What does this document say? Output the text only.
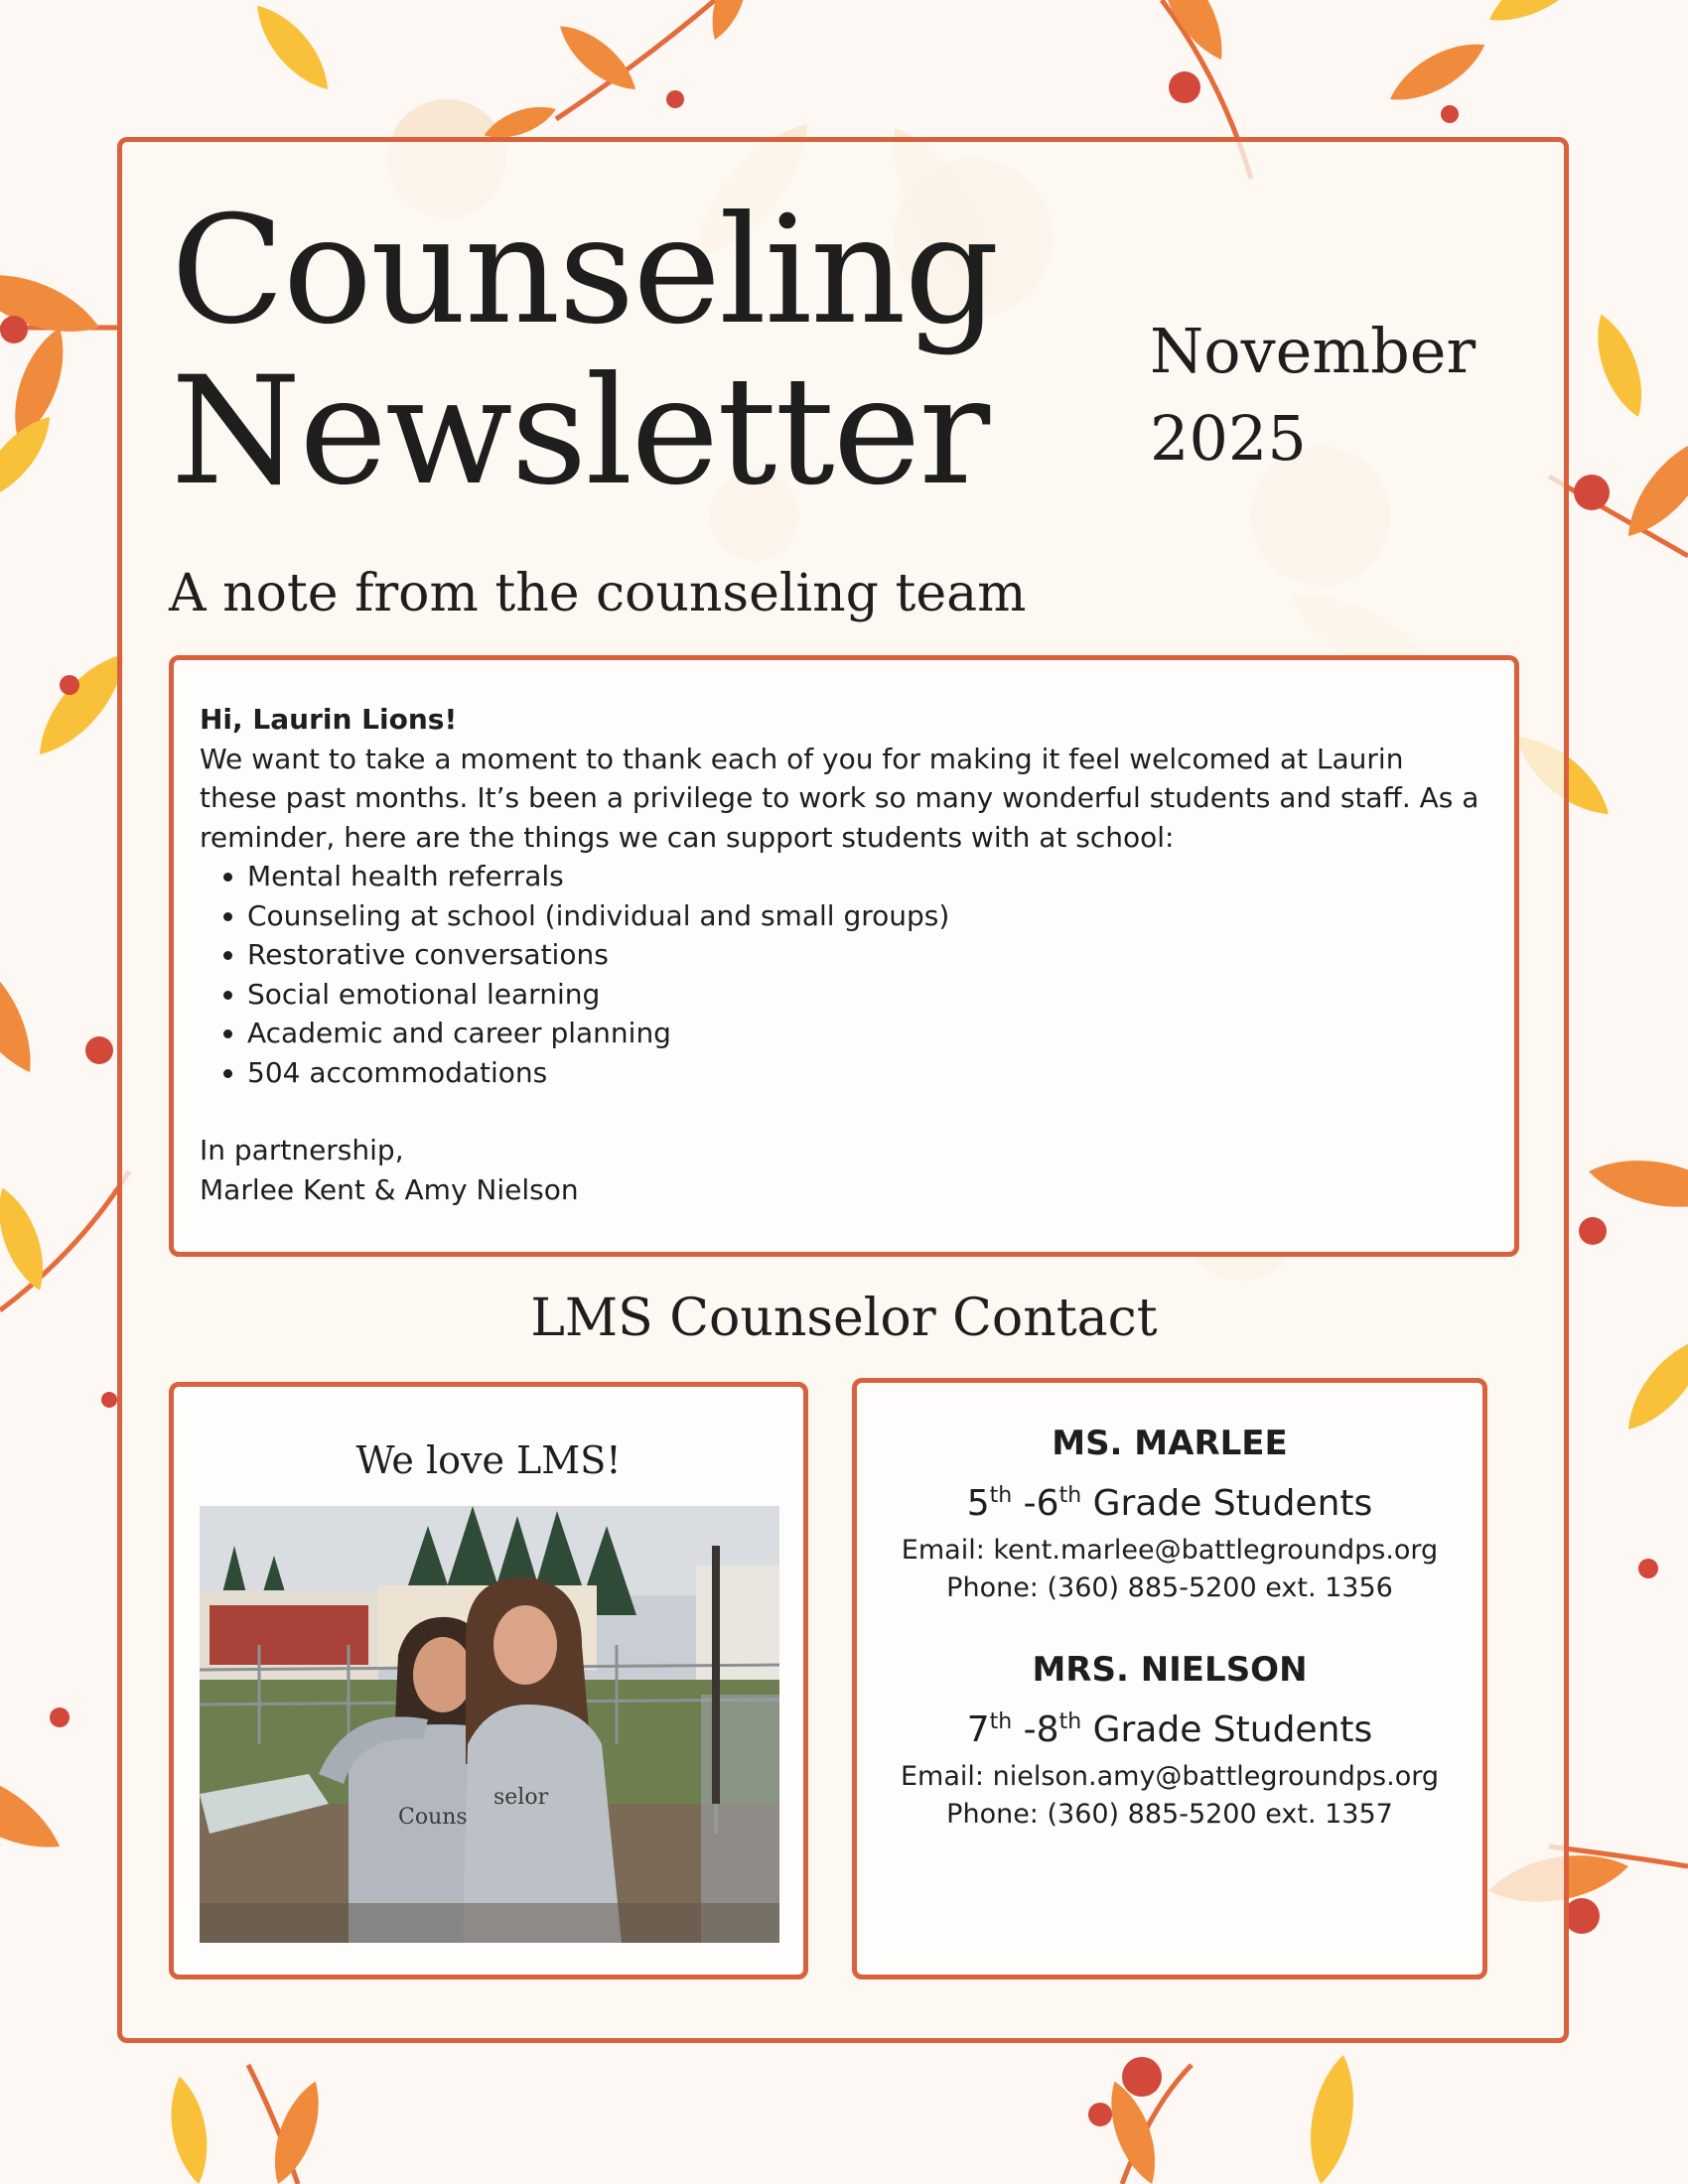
Counseling
Newsletter	November
2025
A note from the counseling team

Hi, Laurin Lions!

We want to take a moment to thank each of you for making it feel welcomed at Laurin these past months. It’s been a privilege to work so many wonderful students and staff. As a reminder, here are the things we can support students with at school:

• Mental health referrals
• Counseling at school (individual and small groups)
• Restorative conversations
• Social emotional learning
• Academic and career planning
• 504 accommodations

In partnership,

Marlee Kent & Amy Nielson

LMS Counselor Contact
We love LMS!
Couns
selor
MS. MARLEE
5th -6th Grade Students
Email: kent.marlee@battlegroundps.org
Phone: (360) 885-5200 ext. 1356
MRS. NIELSON
7th -8th Grade Students
Email: nielson.amy@battlegroundps.org
Phone: (360) 885-5200 ext. 1357
